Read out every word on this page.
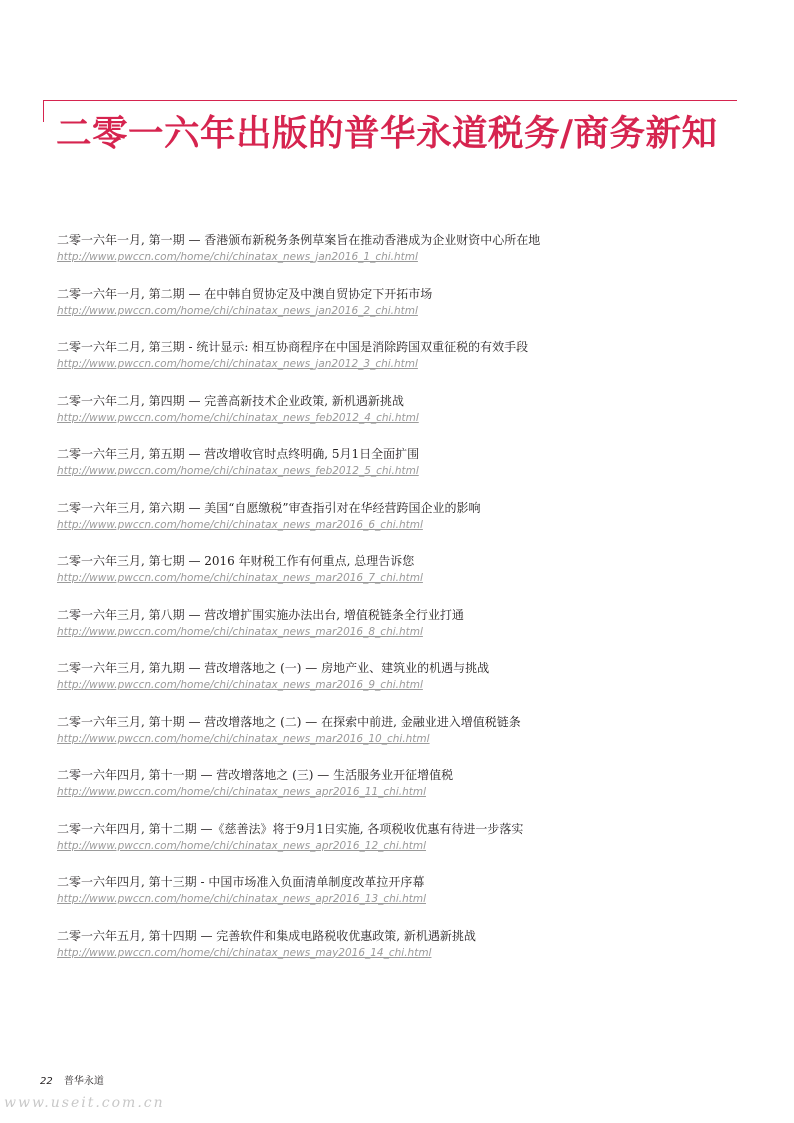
二零一六年出版的普华永道税务/商务新知
二零一六年一月, 第一期 — 香港颁布新税务条例草案旨在推动香港成为企业财资中心所在地
http://www.pwccn.com/home/chi/chinatax_news_jan2016_1_chi.html
二零一六年一月, 第二期 — 在中韩自贸协定及中澳自贸协定下开拓市场
http://www.pwccn.com/home/chi/chinatax_news_jan2016_2_chi.html
二零一六年二月, 第三期 - 统计显示: 相互协商程序在中国是消除跨国双重征税的有效手段
http://www.pwccn.com/home/chi/chinatax_news_jan2012_3_chi.html
二零一六年二月, 第四期 — 完善高新技术企业政策, 新机遇新挑战
http://www.pwccn.com/home/chi/chinatax_news_feb2012_4_chi.html
二零一六年三月, 第五期 — 营改增收官时点终明确, 5月1日全面扩围
http://www.pwccn.com/home/chi/chinatax_news_feb2012_5_chi.html
二零一六年三月, 第六期 — 美国“自愿缴税”审查指引对在华经营跨国企业的影响
http://www.pwccn.com/home/chi/chinatax_news_mar2016_6_chi.html
二零一六年三月, 第七期 — 2016 年财税工作有何重点, 总理告诉您
http://www.pwccn.com/home/chi/chinatax_news_mar2016_7_chi.html
二零一六年三月, 第八期 — 营改增扩围实施办法出台, 增值税链条全行业打通
http://www.pwccn.com/home/chi/chinatax_news_mar2016_8_chi.html
二零一六年三月, 第九期 — 营改增落地之 (一) — 房地产业、建筑业的机遇与挑战
http://www.pwccn.com/home/chi/chinatax_news_mar2016_9_chi.html
二零一六年三月, 第十期 — 营改增落地之 (二) — 在探索中前进, 金融业进入增值税链条
http://www.pwccn.com/home/chi/chinatax_news_mar2016_10_chi.html
二零一六年四月, 第十一期 — 营改增落地之 (三) — 生活服务业开征增值税
http://www.pwccn.com/home/chi/chinatax_news_apr2016_11_chi.html
二零一六年四月, 第十二期 —《慈善法》将于9月1日实施, 各项税收优惠有待进一步落实
http://www.pwccn.com/home/chi/chinatax_news_apr2016_12_chi.html
二零一六年四月, 第十三期 - 中国市场准入负面清单制度改革拉开序幕
http://www.pwccn.com/home/chi/chinatax_news_apr2016_13_chi.html
二零一六年五月, 第十四期 — 完善软件和集成电路税收优惠政策, 新机遇新挑战
http://www.pwccn.com/home/chi/chinatax_news_may2016_14_chi.html
22 普华永道
www.useit.com.cn
